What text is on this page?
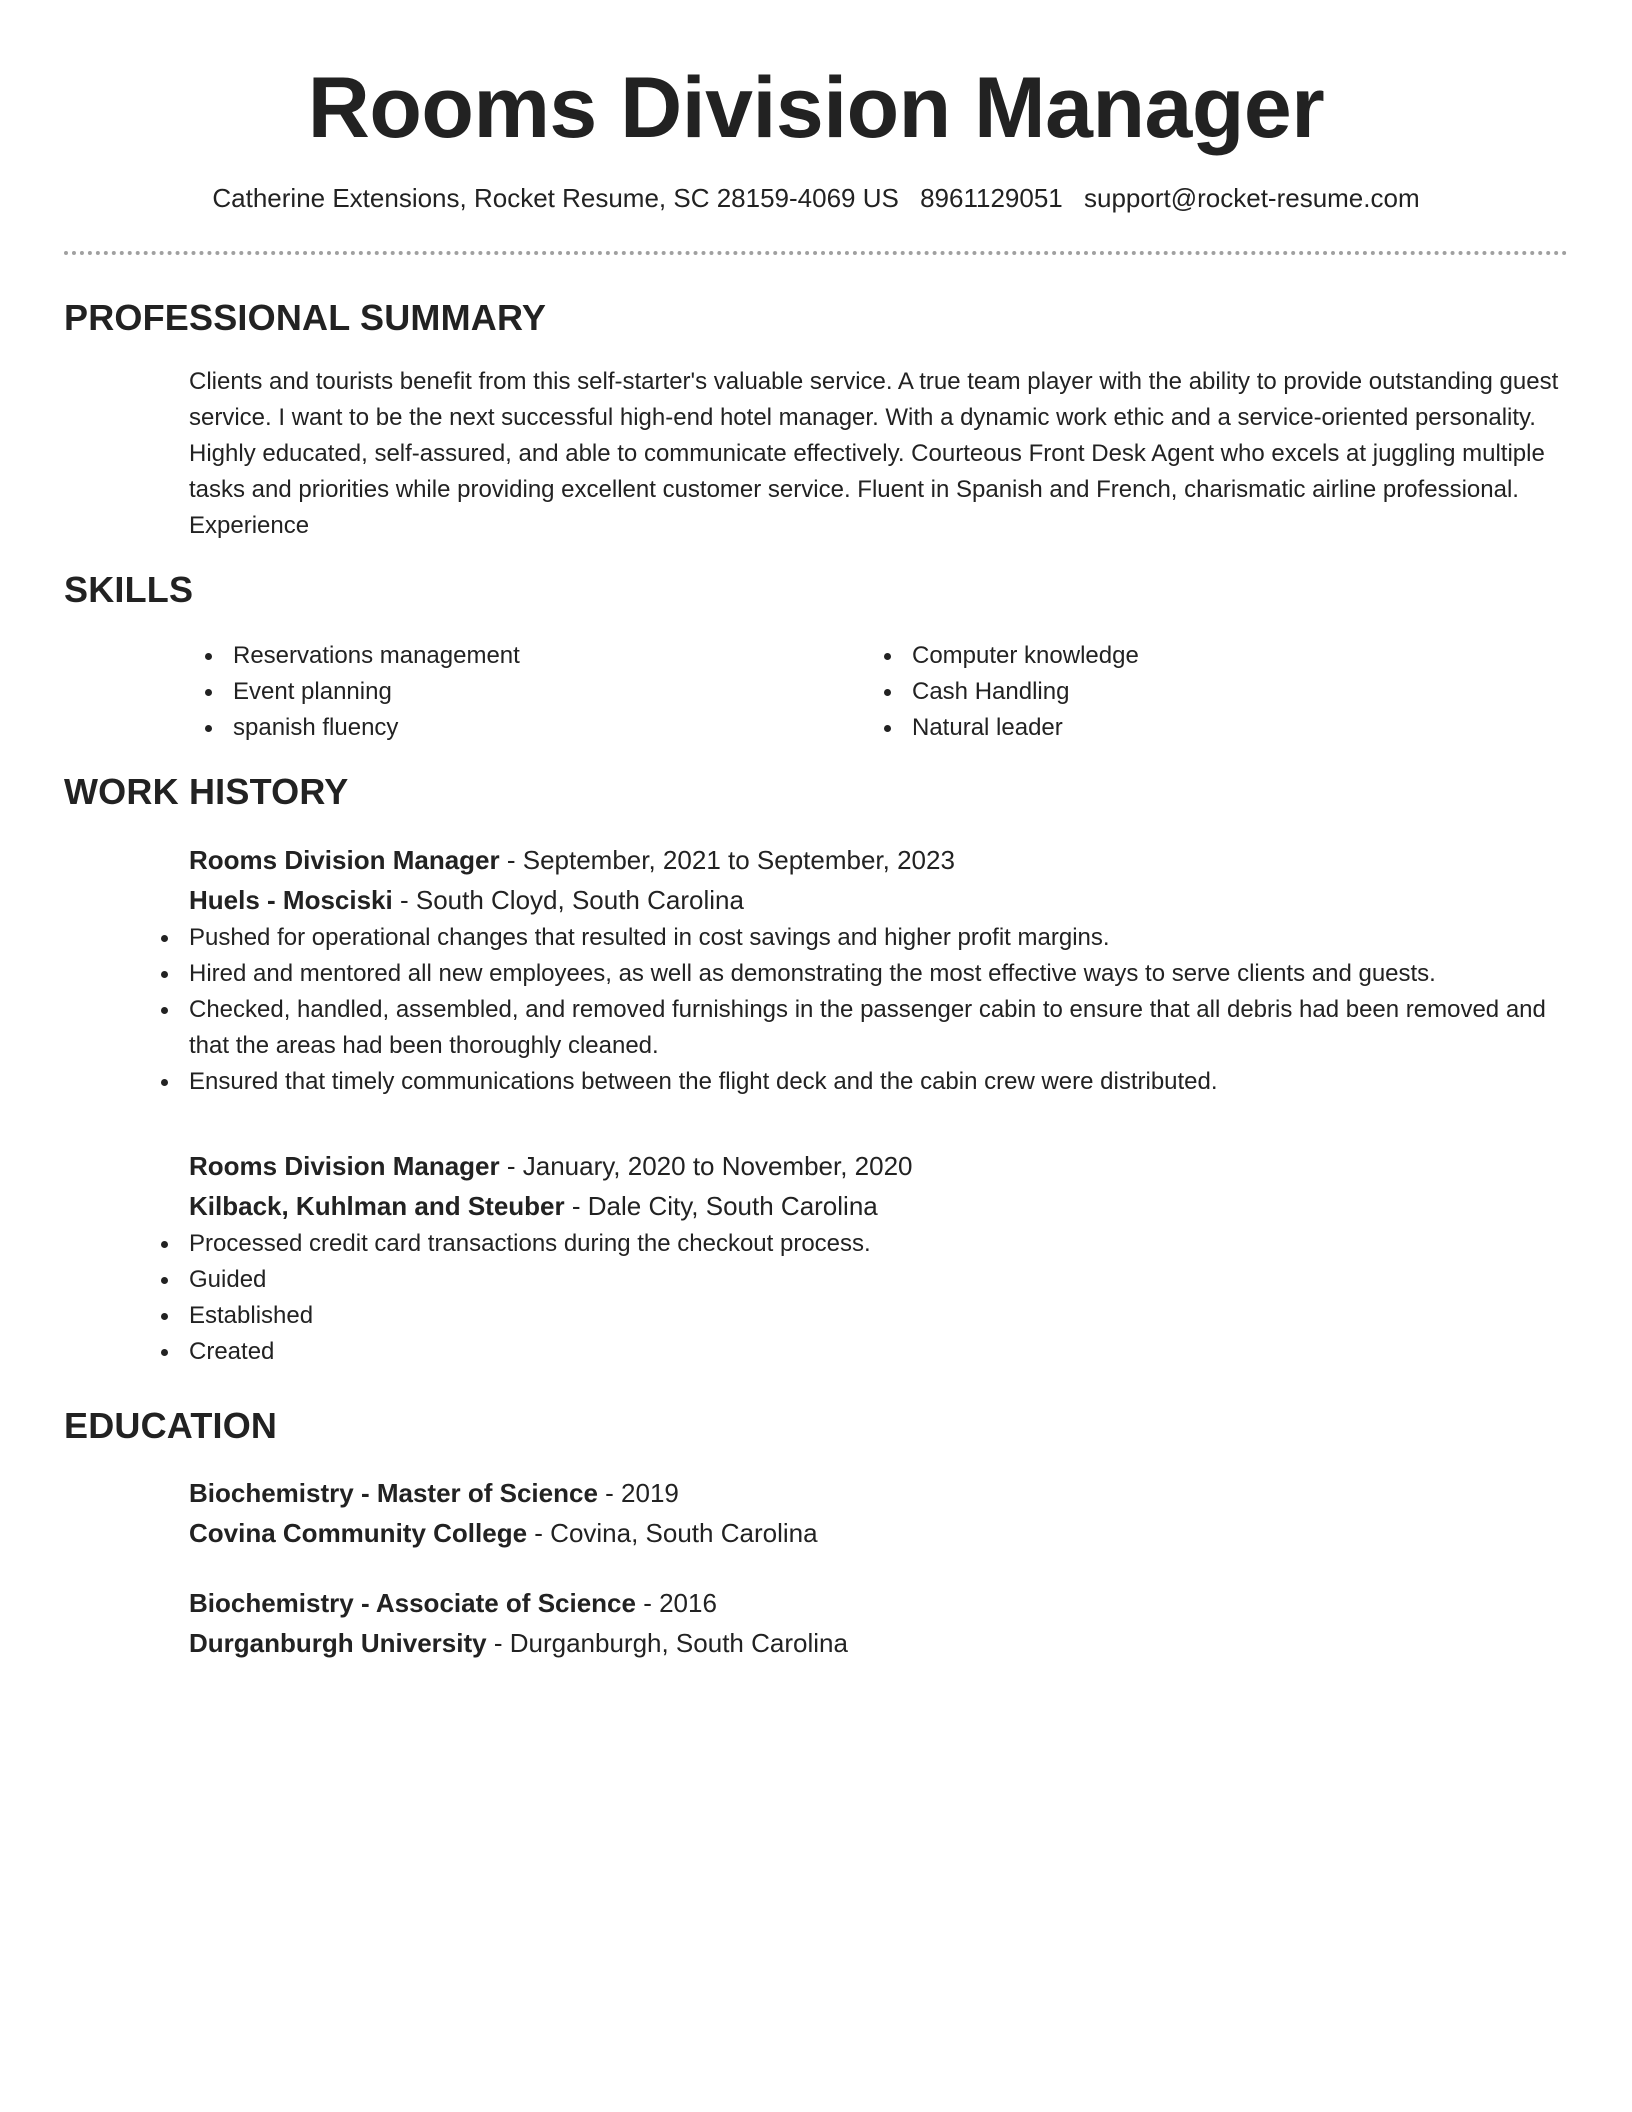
Rooms Division Manager
Catherine Extensions, Rocket Resume, SC 28159-4069 US 8961129051 support@rocket-resume.com
PROFESSIONAL SUMMARY

Clients and tourists benefit from this self-starter's valuable service. A true team player with the ability to provide outstanding guest service. I want to be the next successful high-end hotel manager. With a dynamic work ethic and a service-oriented personality. Highly educated, self-assured, and able to communicate effectively. Courteous Front Desk Agent who excels at juggling multiple tasks and priorities while providing excellent customer service. Fluent in Spanish and French, charismatic airline professional. Experience

SKILLS
Reservations management
Event planning
spanish fluency
Computer knowledge
Cash Handling
Natural leader
WORK HISTORY
Rooms Division Manager - September, 2021 to September, 2023
Huels - Mosciski - South Cloyd, South Carolina
Pushed for operational changes that resulted in cost savings and higher profit margins.
Hired and mentored all new employees, as well as demonstrating the most effective ways to serve clients and guests.
Checked, handled, assembled, and removed furnishings in the passenger cabin to ensure that all debris had been removed and that the areas had been thoroughly cleaned.
Ensured that timely communications between the flight deck and the cabin crew were distributed.
Rooms Division Manager - January, 2020 to November, 2020
Kilback, Kuhlman and Steuber - Dale City, South Carolina
Processed credit card transactions during the checkout process.
Guided
Established
Created
EDUCATION
Biochemistry - Master of Science - 2019
Covina Community College - Covina, South Carolina
Biochemistry - Associate of Science - 2016
Durganburgh University - Durganburgh, South Carolina
